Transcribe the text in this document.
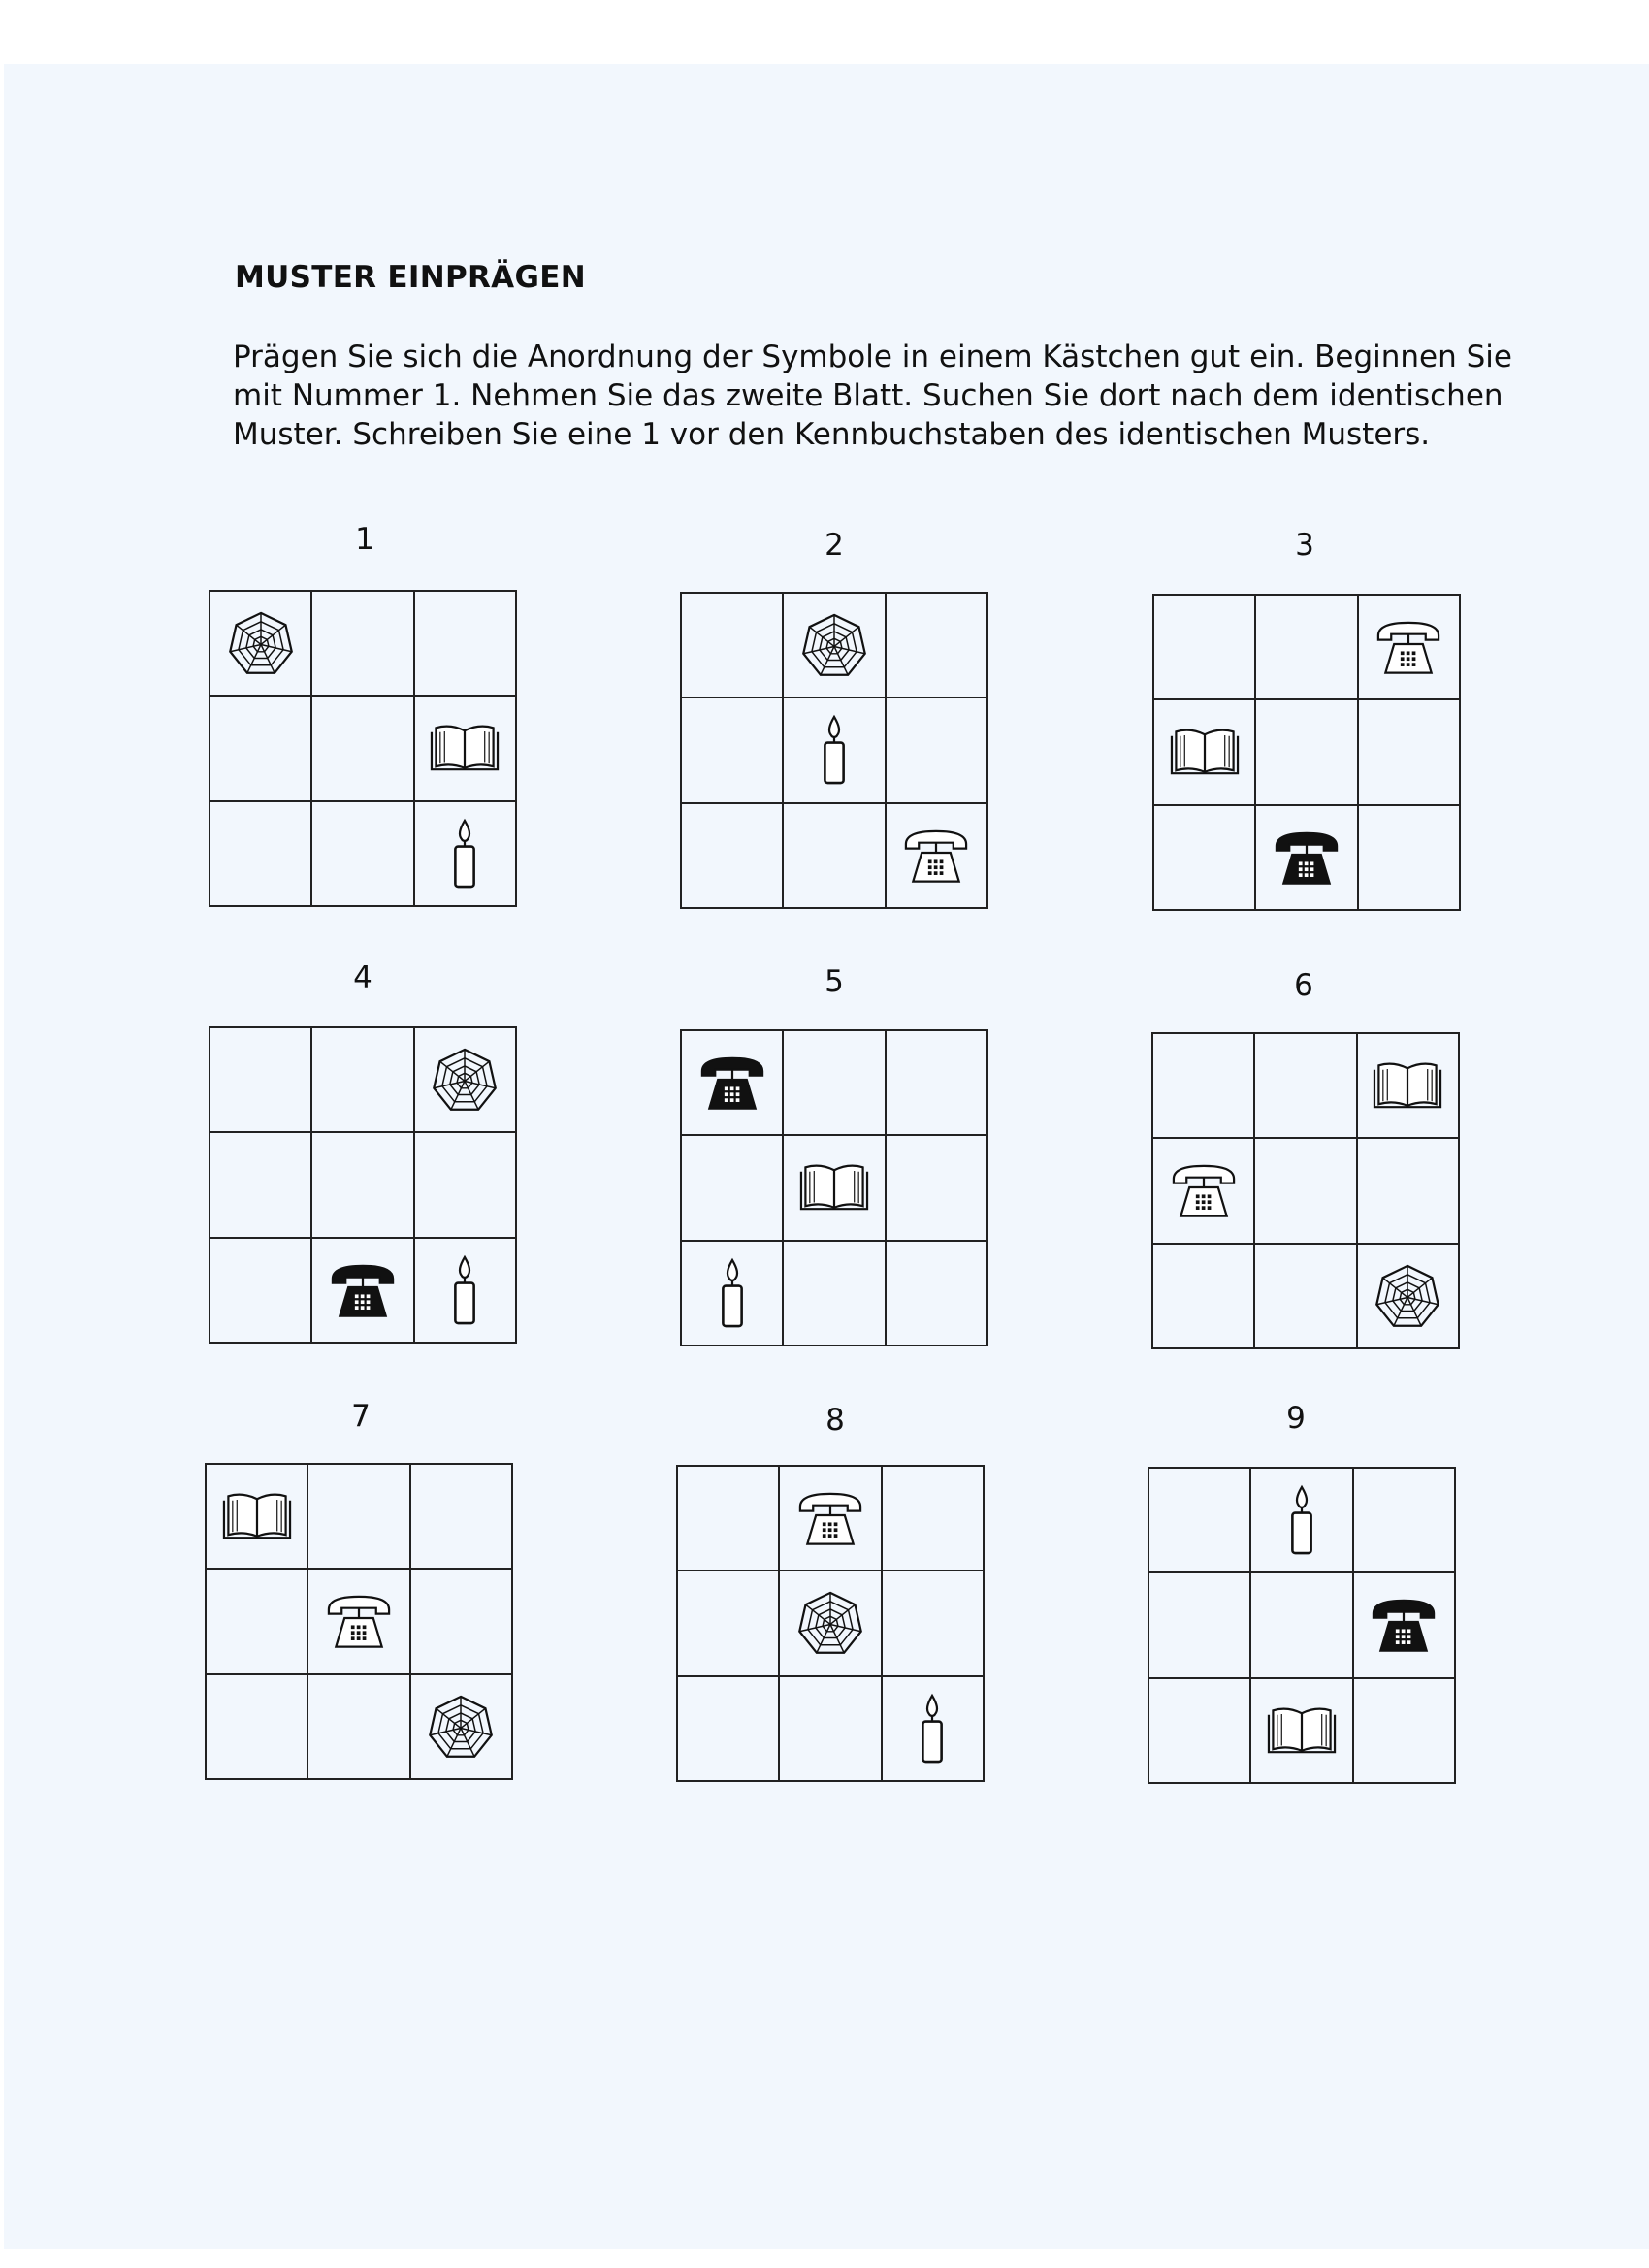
MUSTER EINPRÄGEN
Prägen Sie sich die Anordnung der Symbole in einem Kästchen gut ein. Beginnen Sie
mit Nummer 1. Nehmen Sie das zweite Blatt. Suchen Sie dort nach dem identischen
Muster. Schreiben Sie eine 1 vor den Kennbuchstaben des identischen Musters.
1	2	3
4	5	6
7	8	9
